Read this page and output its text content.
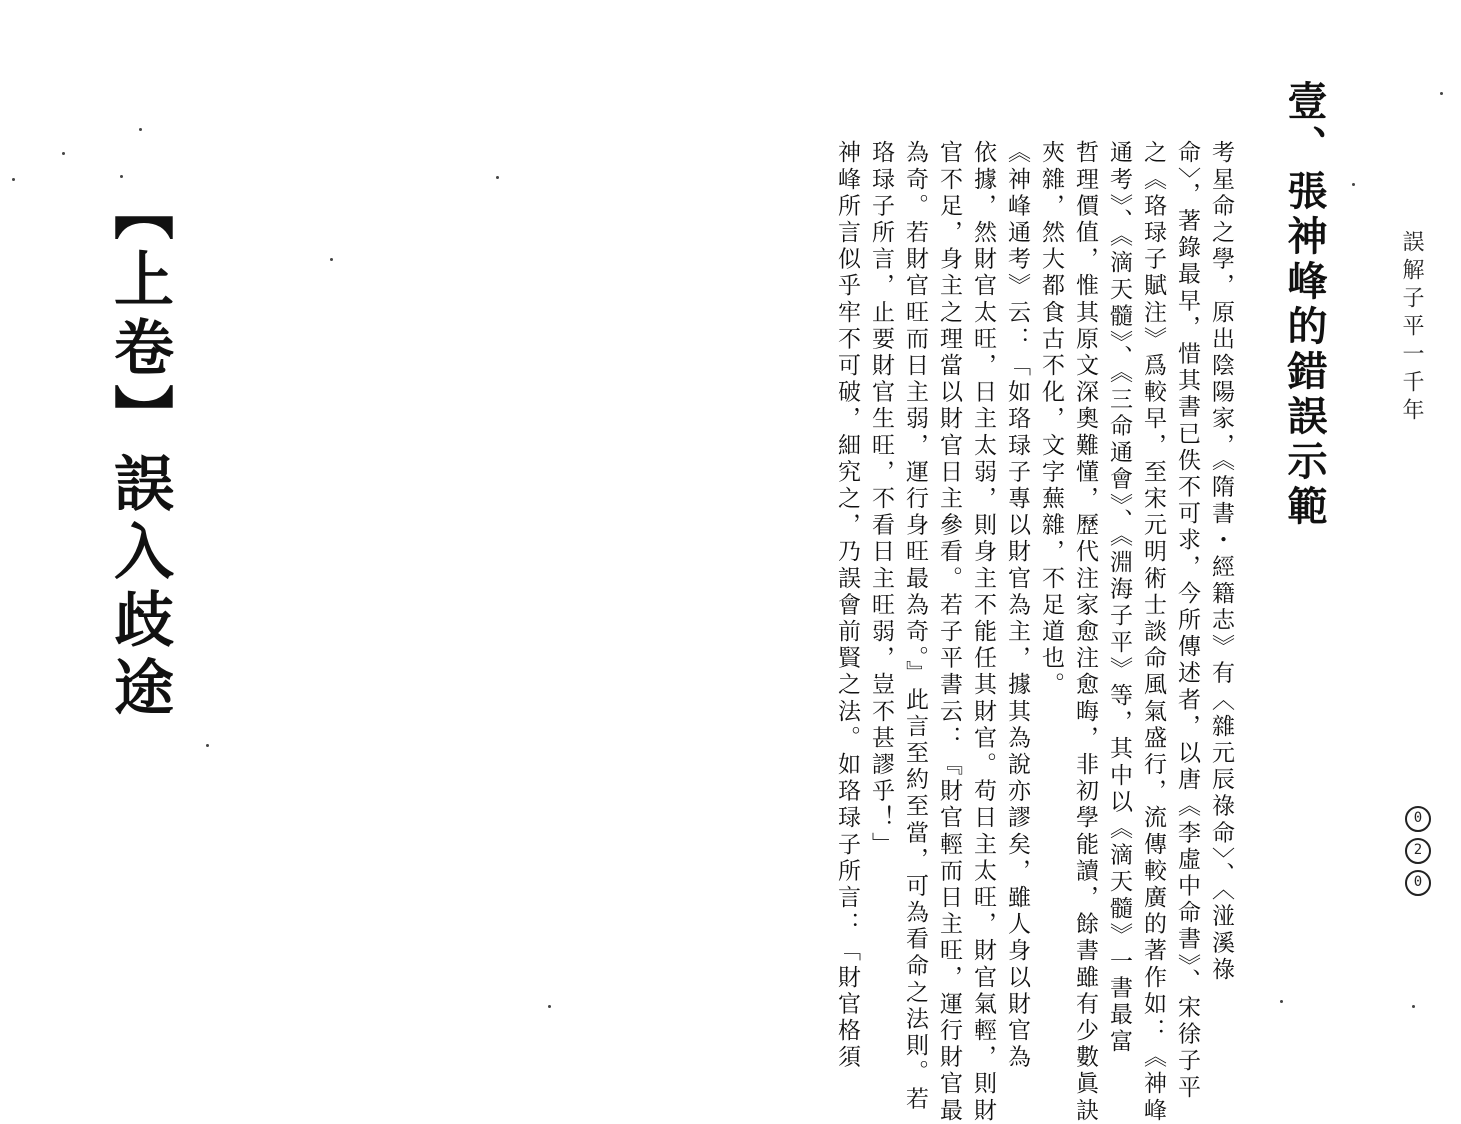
誤解子平一千年
0
2
0
壹、張神峰的錯誤示範

考星命之學，原出陰陽家，《隋書・經籍志》有〈雜元辰祿命〉、〈湴溪祿

命〉，著錄最早，惜其書已佚不可求，今所傳述者，以唐《李虛中命書》、宋徐子平

之《珞琭子賦注》爲較早，至宋元明術士談命風氣盛行，流傳較廣的著作如：《神峰

通考》、《滴天髓》、《三命通會》、《淵海子平》等，其中以《滴天髓》一書最富

哲理價值，惟其原文深奧難懂，歷代注家愈注愈晦，非初學能讀，餘書雖有少數眞訣

夾雜，然大都食古不化，文字蕪雜，不足道也。

《神峰通考》云：「如珞琭子專以財官為主，據其為說亦謬矣，雖人身以財官為

依據，然財官太旺，日主太弱，則身主不能任其財官。苟日主太旺，財官氣輕，則財

官不足，身主之理當以財官日主參看。若子平書云：『財官輕而日主旺，運行財官最

為奇。若財官旺而日主弱，運行身旺最為奇。』此言至約至當，可為看命之法則。若

珞琭子所言，止要財官生旺，不看日主旺弱，豈不甚謬乎！」

神峰所言似乎牢不可破，細究之，乃誤會前賢之法。如珞琭子所言：「財官格須

【上卷】誤入歧途
